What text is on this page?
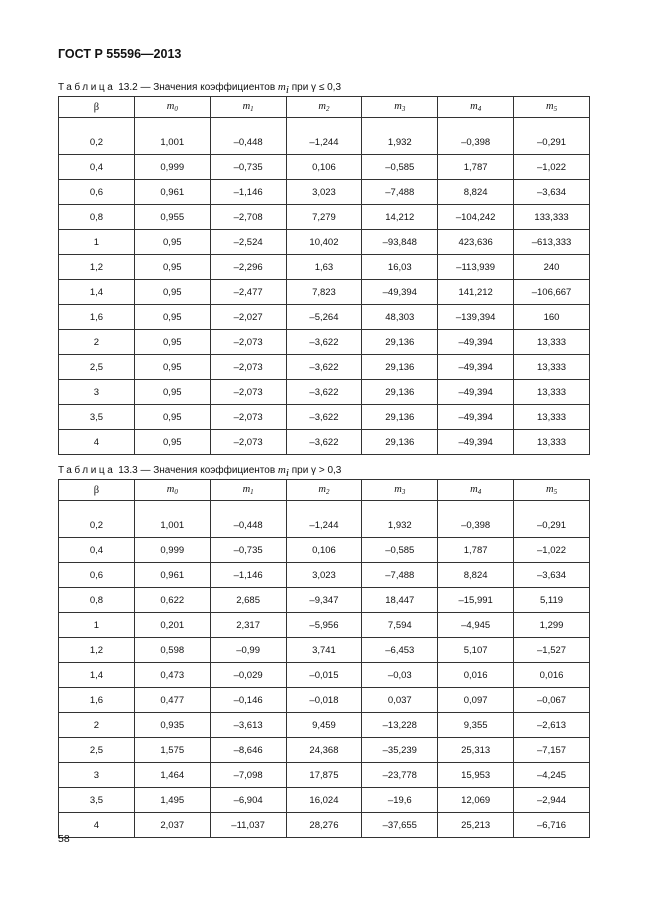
ГОСТ Р 55596—2013
Таблица 13.2 — Значения коэффициентов $m_i$ при γ ≤ 0,3
β	$m_0$	$m_1$	$m_2$	$m_3$	$m_4$	$m_5$
0,2	1,001	–0,448	–1,244	1,932	–0,398	–0,291
0,4	0,999	–0,735	0,106	–0,585	1,787	–1,022
0,6	0,961	–1,146	3,023	–7,488	8,824	–3,634
0,8	0,955	–2,708	7,279	14,212	–104,242	133,333
1	0,95	–2,524	10,402	–93,848	423,636	–613,333
1,2	0,95	–2,296	1,63	16,03	–113,939	240
1,4	0,95	–2,477	7,823	–49,394	141,212	–106,667
1,6	0,95	–2,027	–5,264	48,303	–139,394	160
2	0,95	–2,073	–3,622	29,136	–49,394	13,333
2,5	0,95	–2,073	–3,622	29,136	–49,394	13,333
3	0,95	–2,073	–3,622	29,136	–49,394	13,333
3,5	0,95	–2,073	–3,622	29,136	–49,394	13,333
4	0,95	–2,073	–3,622	29,136	–49,394	13,333
Таблица 13.3 — Значения коэффициентов $m_i$ при γ > 0,3
β	$m_0$	$m_1$	$m_2$	$m_3$	$m_4$	$m_5$
0,2	1,001	–0,448	–1,244	1,932	–0,398	–0,291
0,4	0,999	–0,735	0,106	–0,585	1,787	–1,022
0,6	0,961	–1,146	3,023	–7,488	8,824	–3,634
0,8	0,622	2,685	–9,347	18,447	–15,991	5,119
1	0,201	2,317	–5,956	7,594	–4,945	1,299
1,2	0,598	–0,99	3,741	–6,453	5,107	–1,527
1,4	0,473	–0,029	–0,015	–0,03	0,016	0,016
1,6	0,477	–0,146	–0,018	0,037	0,097	–0,067
2	0,935	–3,613	9,459	–13,228	9,355	–2,613
2,5	1,575	–8,646	24,368	–35,239	25,313	–7,157
3	1,464	–7,098	17,875	–23,778	15,953	–4,245
3,5	1,495	–6,904	16,024	–19,6	12,069	–2,944
4	2,037	–11,037	28,276	–37,655	25,213	–6,716
58
